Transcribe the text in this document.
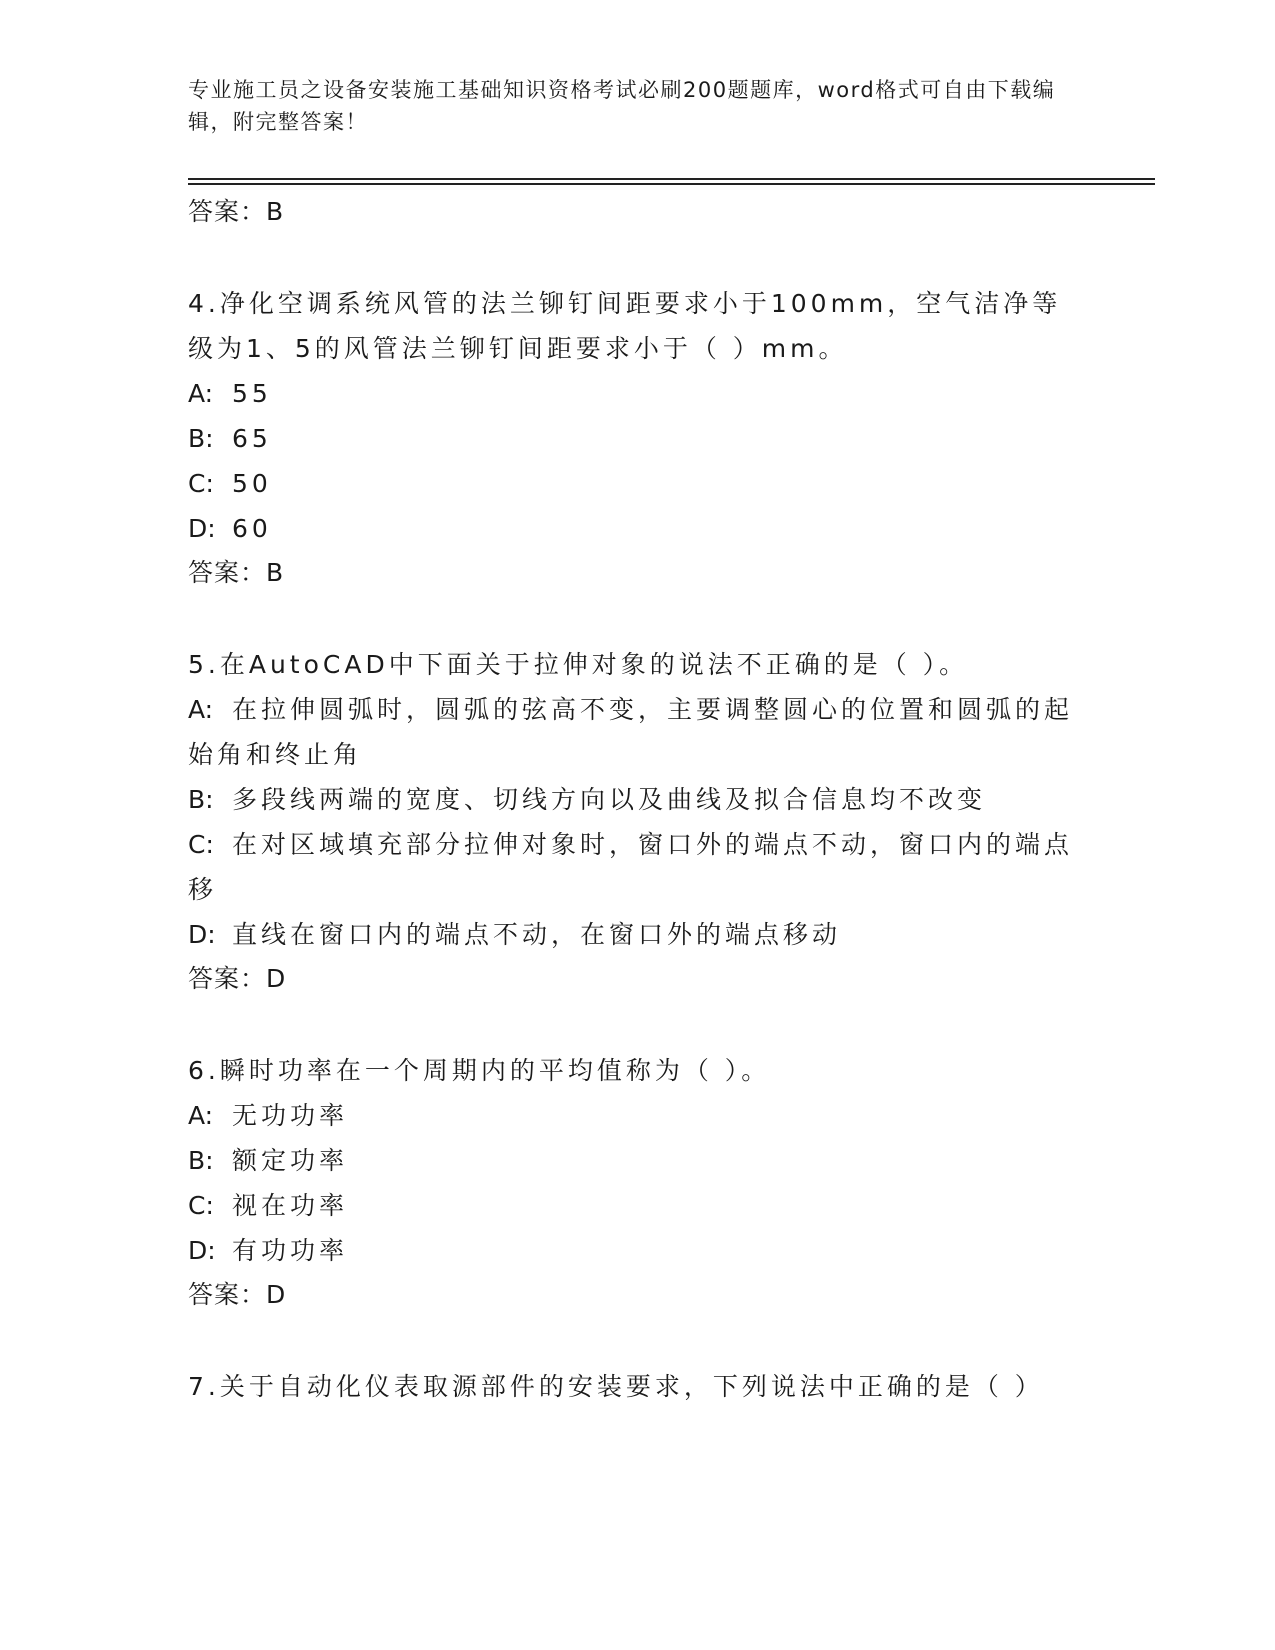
专业施工员之设备安装施工基础知识资格考试必刷200题题库，word格式可自由下载编辑，附完整答案！
答案：B
4.净化空调系统风管的法兰铆钉间距要求小于100mm，空气洁净等级为1、5的风管法兰铆钉间距要求小于（ ）mm。
A: 55
B: 65
C: 50
D: 60
答案：B
5.在AutoCAD中下面关于拉伸对象的说法不正确的是（ ）。
A: 在拉伸圆弧时，圆弧的弦高不变，主要调整圆心的位置和圆弧的起始角和终止角
B: 多段线两端的宽度、切线方向以及曲线及拟合信息均不改变
C: 在对区域填充部分拉伸对象时，窗口外的端点不动，窗口内的端点移
D: 直线在窗口内的端点不动，在窗口外的端点移动
答案：D
6.瞬时功率在一个周期内的平均值称为（ ）。
A: 无功功率
B: 额定功率
C: 视在功率
D: 有功功率
答案：D
7.关于自动化仪表取源部件的安装要求，下列说法中正确的是（ ）
